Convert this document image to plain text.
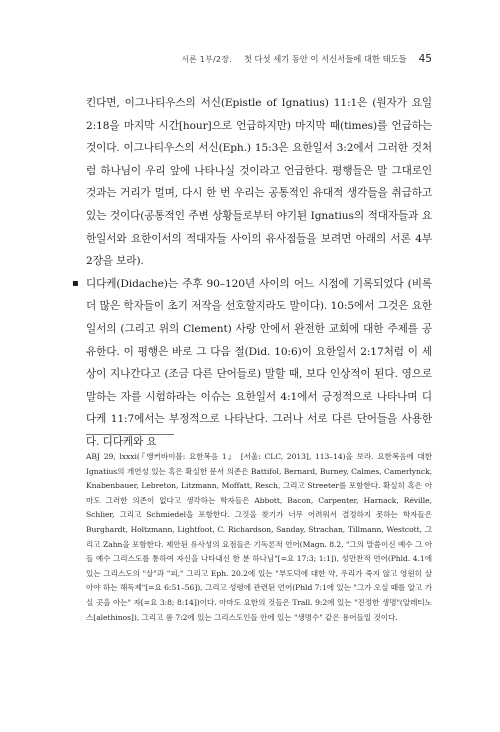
서론 1부/2장. 첫 다섯 세기 동안 이 서신서들에 대한 태도들 45

킨다면, 이그나티우스의 서신(Epistle of Ignatius) 11:1은 (원자가 요일 2:18을 마지막 시간[hour]으로 언급하지만) 마지막 때(times)를 언급하는 것이다. 이그나티우스의 서신(Eph.) 15:3은 요한일서 3:2에서 그러한 것처럼 하나님이 우리 앞에 나타나실 것이라고 언급한다. 평행들은 말 그대로인 것과는 거리가 멀며, 다시 한 번 우리는 공통적인 유대적 생각들을 취급하고 있는 것이다(공통적인 주변 상황들로부터 야기된 Ignatius의 적대자들과 요한일서와 요한이서의 적대자들 사이의 유사점들을 보려면 아래의 서론 4부 2장을 보라).

▪ 디다케(Didache)는 주후 90–120년 사이의 어느 시점에 기록되었다 (비록 더 많은 학자들이 초기 저작을 선호할지라도 말이다). 10:5에서 그것은 요한일서의 (그리고 위의 Clement) 사랑 안에서 완전한 교회에 대한 주제를 공유한다. 이 평행은 바로 그 다음 절(Did. 10:6)이 요한일서 2:17처럼 이 세상이 지나간다고 (조금 다른 단어들로) 말할 때, 보다 인상적이 된다. 영으로 말하는 자를 시험하라는 이슈는 요한일서 4:1에서 긍정적으로 나타나며 디다케 11:7에서는 부정적으로 나타난다. 그러나 서로 다른 단어들을 사용한다. 디다케와 요

ABJ 29, lxxxi(『앵커바이블: 요한복음 1』 [서울: CLC, 2013], 113–14)을 보라. 요한복음에 대한 Ignatius의 개연성 있는 혹은 확실한 문서 의존은 Battifol, Bernard, Burney, Calmes, Camerlynck, Knabenbauer, Lebreton, Litzmann, Moffatt, Resch, 그리고 Streeter를 포함한다. 확실히 혹은 아마도 그러한 의존이 없다고 생각하는 학자들은 Abbott, Bacon, Carpenter, Harnack, Réville, Schlier, 그리고 Schmiedel을 포함한다. 그것을 찾기가 너무 어려워서 결정하지 못하는 학자들은 Burghardt, Holtzmann, Lightfoot, C. Richardson, Sanday, Strachan, Tillmann, Westcott, 그리고 Zahn을 포함한다. 제안된 유사성의 요점들은 기독론적 언어(Magn. 8.2, "그의 말씀이신 예수 그 아들 예수 그리스도를 통하여 자신을 나타내신 한 분 하나님"[=요 17:3; 1:1]), 성만찬적 언어(Phld. 4.1에 있는 그리스도의 "살"과 "피," 그리고 Eph. 20.2에 있는 "부도덕에 대한 약, 우리가 죽지 않고 영원히 살아야 하는 해독제"[=요 6:51–56]), 그리고 성령에 관련된 언어(Phld 7:1에 있는 "그가 오실 때를 알고 가실 곳을 아는" 자[=요 3:8; 8:14])이다. 아마도 요한의 것들은 Trall. 9:2에 있는 "진정한 생명"(알레티노스[alethinos]), 그리고 롬 7:2에 있는 그리스도인들 안에 있는 "생명수" 같은 용어들일 것이다.
